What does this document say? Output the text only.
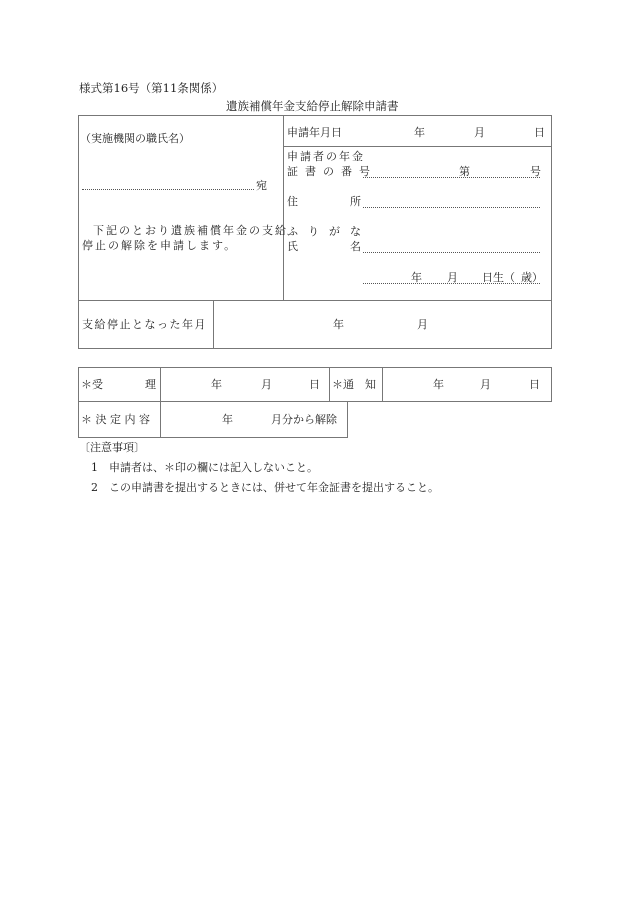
様式第16号（第11条関係）
遺族補償年金支給停止解除申請書
（実施機関の職氏名）
宛
下記のとおり遺族補償年金の支給
停止の解除を申請します。
申請年月日	年	月	日
申請者の年金
証書の番号	第	号
住	所
ふ り が な
氏	名
年 月 日生（ 歳）
支給停止となった年月	年	月
＊受	理	年	月	日 ＊通　知	年	月	日
＊決定内容	年	月分から解除
〔注意事項〕
1 申請者は、＊印の欄には記入しないこと。
2 この申請書を提出するときには、併せて年金証書を提出すること。
